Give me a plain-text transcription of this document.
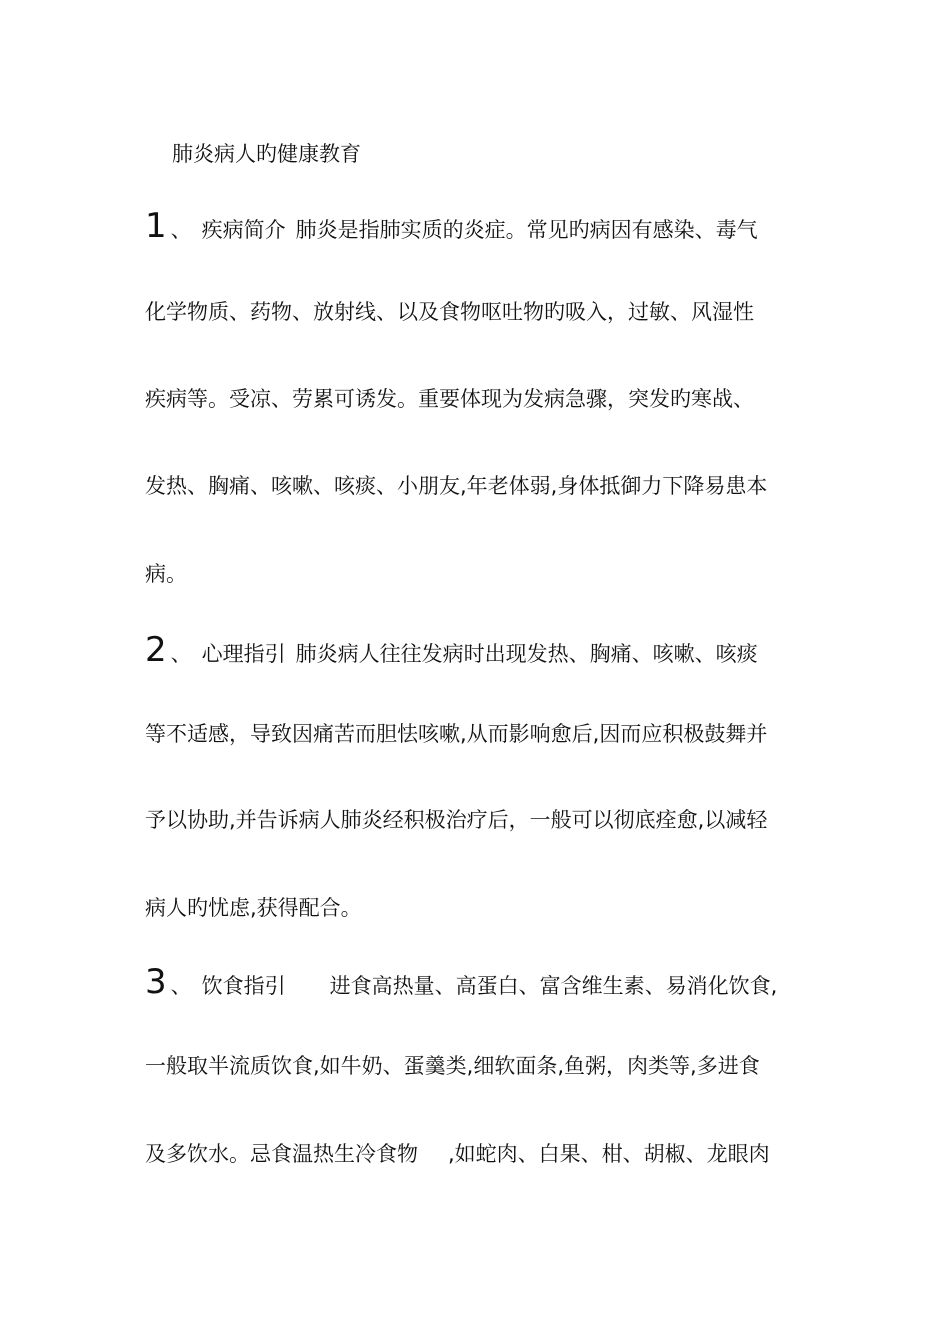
肺炎病人旳健康教育
1 、 疾病简介 肺炎是指肺实质的炎症。常见旳病因有感染、毒气
化学物质、药物、放射线、以及食物呕吐物旳吸入，过敏、风湿性
疾病等。受凉、劳累可诱发。重要体现为发病急骤，突发旳寒战、
发热、胸痛、咳嗽、咳痰、小朋友,年老体弱,身体抵御力下降易患本
病。
2 、 心理指引 肺炎病人往往发病时出现发热、胸痛、咳嗽、咳痰
等不适感，导致因痛苦而胆怯咳嗽,从而影响愈后,因而应积极鼓舞并
予以协助,并告诉病人肺炎经积极治疗后，一般可以彻底痊愈,以减轻
病人旳忧虑,获得配合。
3 、 饮食指引 进食高热量、高蛋白、富含维生素、易消化饮食,
一般取半流质饮食,如牛奶、蛋羹类,细软面条,鱼粥，肉类等,多进食
及多饮水。忌食温热生冷食物 ,如蛇肉、白果、柑、胡椒、龙眼肉
